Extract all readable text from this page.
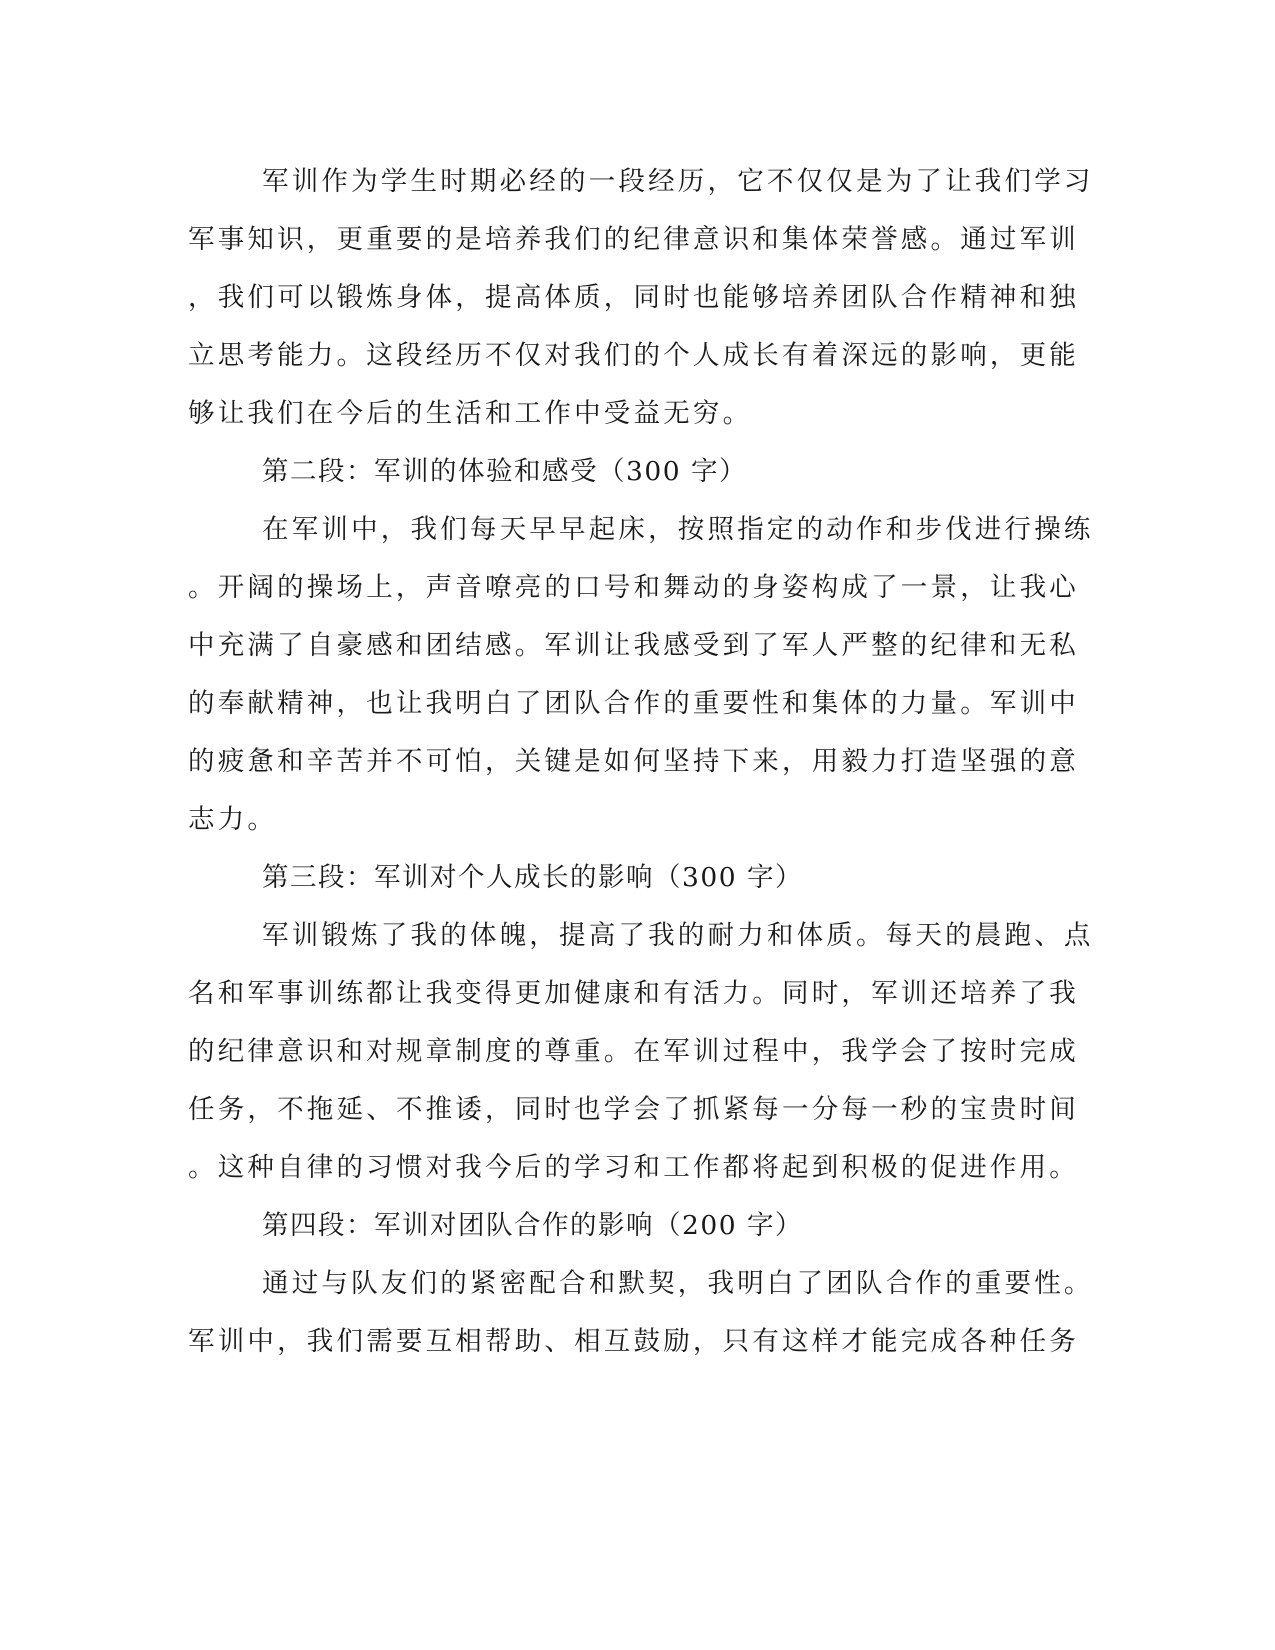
军训作为学生时期必经的一段经历，它不仅仅是为了让我们学习
军事知识，更重要的是培养我们的纪律意识和集体荣誉感。通过军训
，我们可以锻炼身体，提高体质，同时也能够培养团队合作精神和独
立思考能力。这段经历不仅对我们的个人成长有着深远的影响，更能
够让我们在今后的生活和工作中受益无穷。
第二段：军训的体验和感受（300 字）
在军训中，我们每天早早起床，按照指定的动作和步伐进行操练
。开阔的操场上，声音嘹亮的口号和舞动的身姿构成了一景，让我心
中充满了自豪感和团结感。军训让我感受到了军人严整的纪律和无私
的奉献精神，也让我明白了团队合作的重要性和集体的力量。军训中
的疲惫和辛苦并不可怕，关键是如何坚持下来，用毅力打造坚强的意
志力。
第三段：军训对个人成长的影响（300 字）
军训锻炼了我的体魄，提高了我的耐力和体质。每天的晨跑、点
名和军事训练都让我变得更加健康和有活力。同时，军训还培养了我
的纪律意识和对规章制度的尊重。在军训过程中，我学会了按时完成
任务，不拖延、不推诿，同时也学会了抓紧每一分每一秒的宝贵时间
。这种自律的习惯对我今后的学习和工作都将起到积极的促进作用。
第四段：军训对团队合作的影响（200 字）
通过与队友们的紧密配合和默契，我明白了团队合作的重要性。
军训中，我们需要互相帮助、相互鼓励，只有这样才能完成各种任务
